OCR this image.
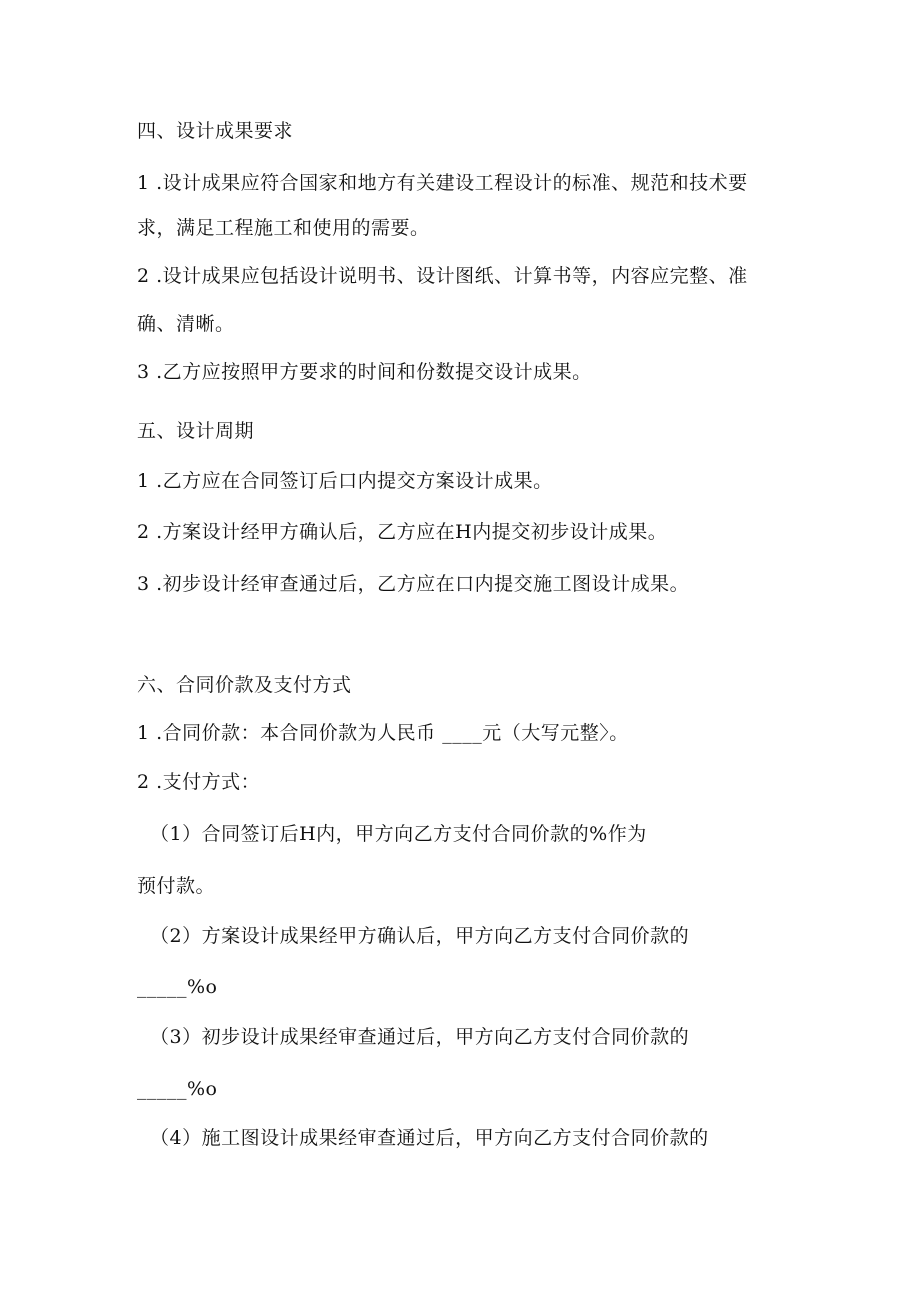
四、设计成果要求
1 .设计成果应符合国家和地方有关建设工程设计的标准、规范和技术要
求，满足工程施工和使用的需要。
2 .设计成果应包括设计说明书、设计图纸、计算书等，内容应完整、准
确、清晰。
3 .乙方应按照甲方要求的时间和份数提交设计成果。
五、设计周期
1 .乙方应在合同签订后口内提交方案设计成果。
2 .方案设计经甲方确认后，乙方应在H内提交初步设计成果。
3 .初步设计经审查通过后，乙方应在口内提交施工图设计成果。
六、合同价款及支付方式
1 .合同价款：本合同价款为人民币 ____元（大写元整〉。
2 .支付方式：
（1）合同签订后H内，甲方向乙方支付合同价款的%作为
预付款。
（2）方案设计成果经甲方确认后，甲方向乙方支付合同价款的
_____%o
（3）初步设计成果经审查通过后，甲方向乙方支付合同价款的
_____%o
（4）施工图设计成果经审查通过后，甲方向乙方支付合同价款的
